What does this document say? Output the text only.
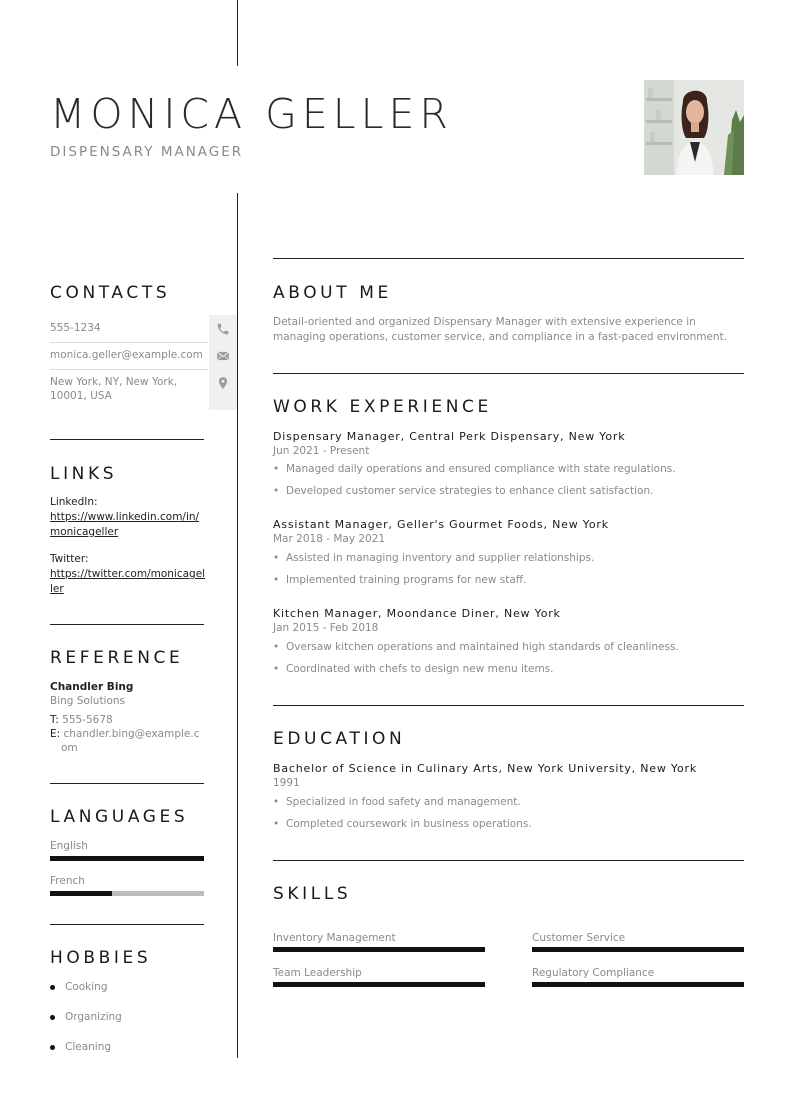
MONICA GELLER
DISPENSARY MANAGER
CONTACTS
555-1234
monica.geller@example.com
New York, NY, New York, 10001, USA
LINKS
LinkedIn:
https://www.linkedin.com/in/monicageller
Twitter:
https://twitter.com/monicageller
REFERENCE
Chandler Bing
Bing Solutions
T: 555-5678
E: chandler.bing@example.com
LANGUAGES
English
French
HOBBIES
Cooking
Organizing
Cleaning
ABOUT ME
Detail-oriented and organized Dispensary Manager with extensive experience in managing operations, customer service, and compliance in a fast-paced environment.
WORK EXPERIENCE
Dispensary Manager, Central Perk Dispensary, New York
Jun 2021 - Present
• Managed daily operations and ensured compliance with state regulations.
• Developed customer service strategies to enhance client satisfaction.
Assistant Manager, Geller's Gourmet Foods, New York
Mar 2018 - May 2021
• Assisted in managing inventory and supplier relationships.
• Implemented training programs for new staff.
Kitchen Manager, Moondance Diner, New York
Jan 2015 - Feb 2018
• Oversaw kitchen operations and maintained high standards of cleanliness.
• Coordinated with chefs to design new menu items.
EDUCATION
Bachelor of Science in Culinary Arts, New York University, New York
1991
• Specialized in food safety and management.
• Completed coursework in business operations.
SKILLS
Inventory Management	Customer Service
Team Leadership	Regulatory Compliance
